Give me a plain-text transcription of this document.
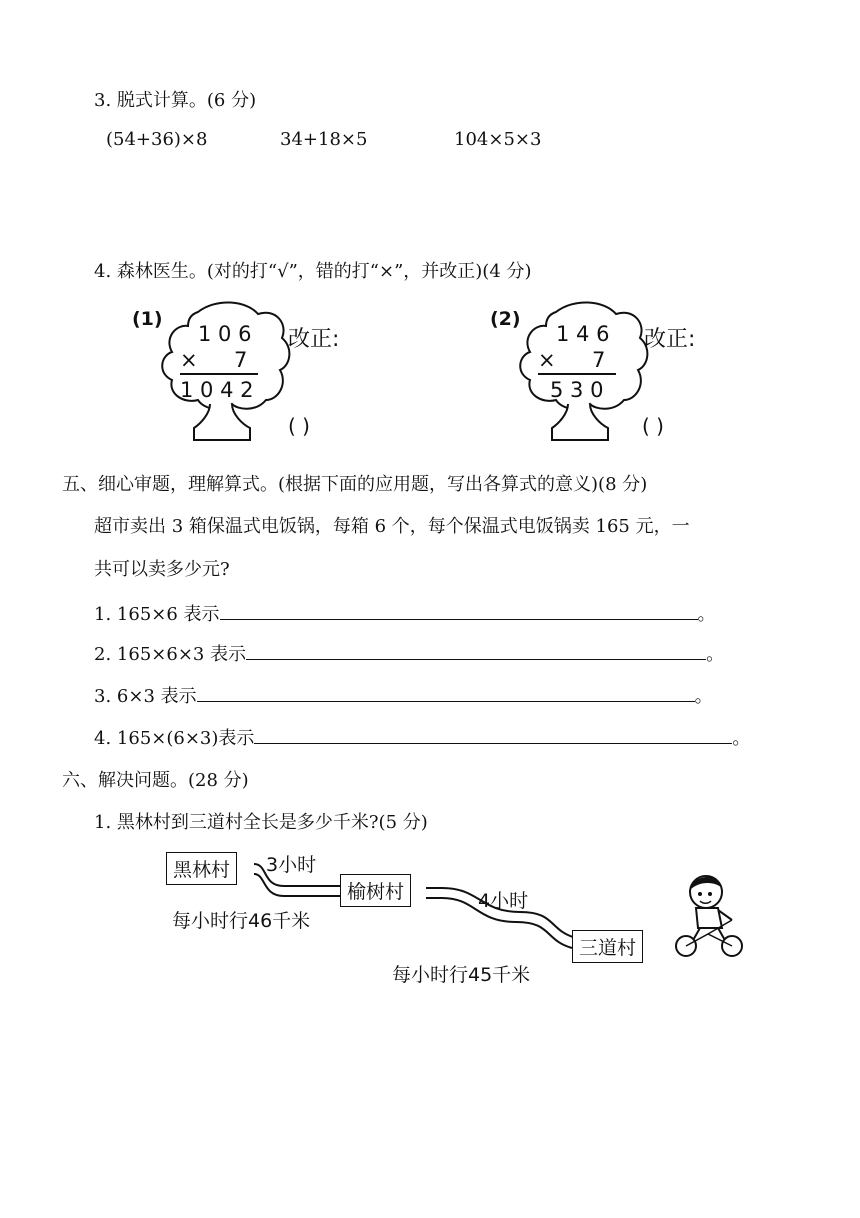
3. 脱式计算。(6 分)
(54+36)×8	34+18×5	104×5×3
4. 森林医生。(对的打“√”，错的打“×”，并改正)(4 分)
(1)
1 0 6
× 7
1 0 4 2
改正:
( )
(2)
1 4 6
× 7
5 3 0
改正:
( )
五、细心审题，理解算式。(根据下面的应用题，写出各算式的意义)(8 分)
超市卖出 3 箱保温式电饭锅，每箱 6 个，每个保温式电饭锅卖 165 元，一
共可以卖多少元?
1. 165×6 表示	。
2. 165×6×3 表示	。
3. 6×3 表示	。
4. 165×(6×3)表示	。
六、解决问题。(28 分)
1. 黑林村到三道村全长是多少千米?(5 分)
黑林村
榆树村
三道村
3小时
4小时
每小时行46千米
每小时行45千米
